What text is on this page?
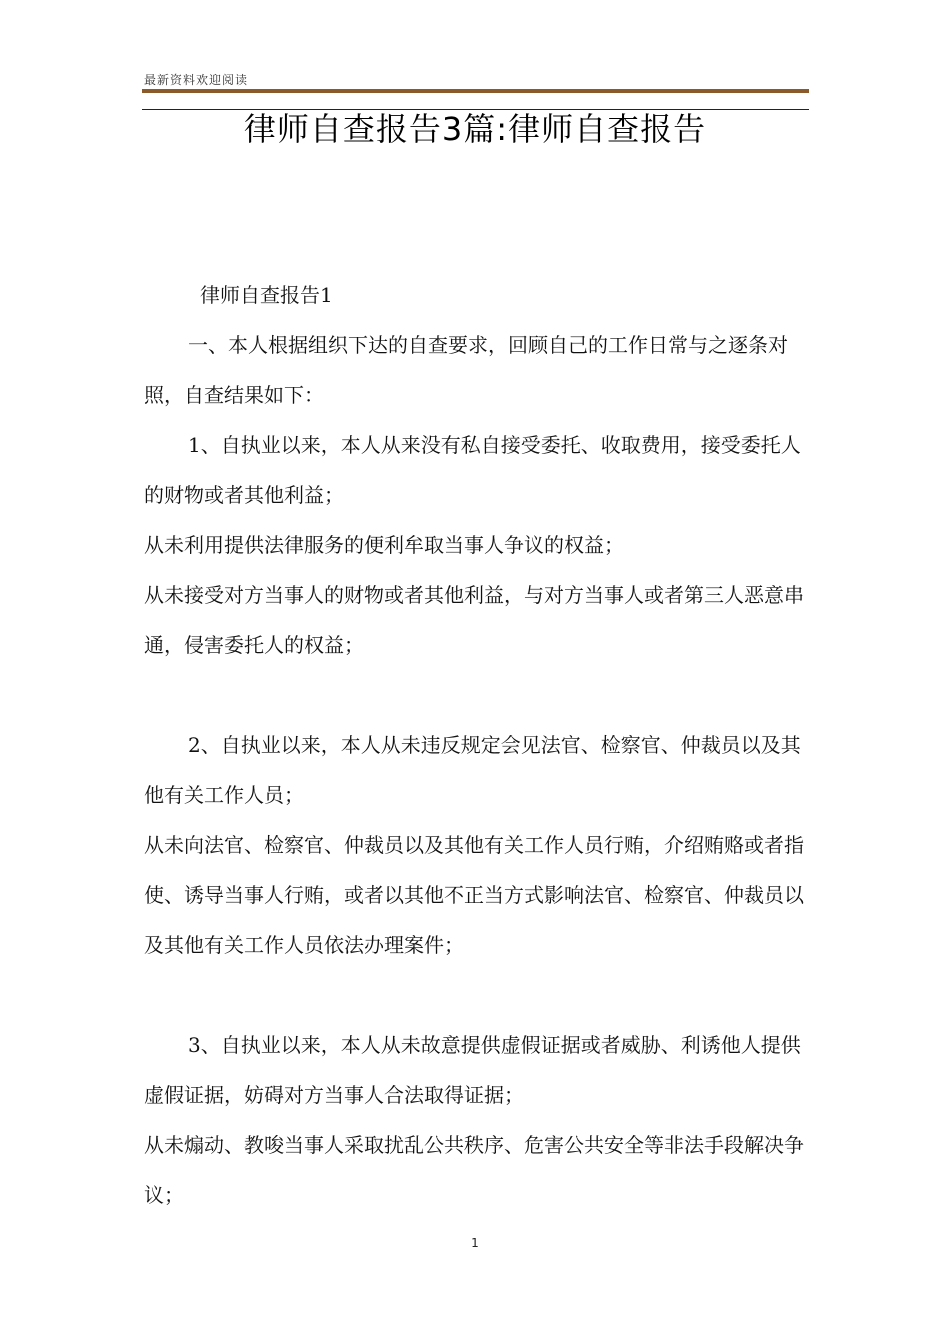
最新资料欢迎阅读
律师自查报告3篇:律师自查报告

律师自查报告1

一、本人根据组织下达的自查要求，回顾自己的工作日常与之逐条对照，自查结果如下：

1、自执业以来，本人从来没有私自接受委托、收取费用，接受委托人的财物或者其他利益；

从未利用提供法律服务的便利牟取当事人争议的权益；

从未接受对方当事人的财物或者其他利益，与对方当事人或者第三人恶意串通，侵害委托人的权益；

2、自执业以来，本人从未违反规定会见法官、检察官、仲裁员以及其他有关工作人员；

从未向法官、检察官、仲裁员以及其他有关工作人员行贿，介绍贿赂或者指使、诱导当事人行贿，或者以其他不正当方式影响法官、检察官、仲裁员以及其他有关工作人员依法办理案件；

3、自执业以来，本人从未故意提供虚假证据或者威胁、利诱他人提供虚假证据，妨碍对方当事人合法取得证据；

从未煽动、教唆当事人采取扰乱公共秩序、危害公共安全等非法手段解决争议；

1
